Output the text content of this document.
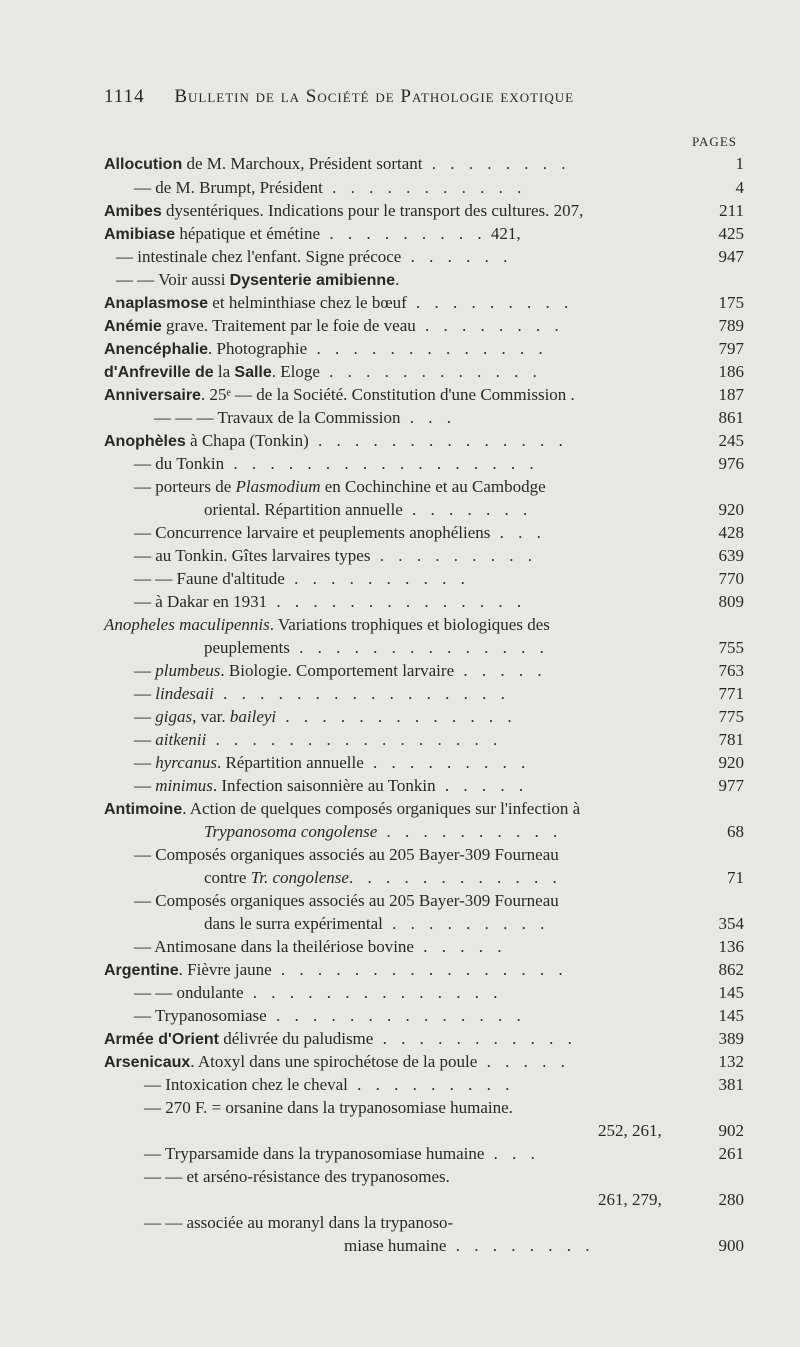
1114 Bulletin de la Société de Pathologie exotique
PAGES
Allocution de M. Marchoux, Président sortant . . . . . . . .	1
— de M. Brumpt, Président . . . . . . . . . . .	4
Amibes dysentériques. Indications pour le transport des cultures. 207,	211
Amibiase hépatique et émétine . . . . . . . . . 421,	425
— intestinale chez l'enfant. Signe précoce . . . . . .	947
— — Voir aussi Dysenterie amibienne.
Anaplasmose et helminthiase chez le bœuf . . . . . . . . .	175
Anémie grave. Traitement par le foie de veau . . . . . . . .	789
Anencéphalie. Photographie . . . . . . . . . . . . .	797
d'Anfreville de la Salle. Eloge . . . . . . . . . . . .	186
Anniversaire. 25ᵉ — de la Société. Constitution d'une Commission .	187
— — — Travaux de la Commission . . .	861
Anophèles à Chapa (Tonkin) . . . . . . . . . . . . . .	245
— du Tonkin . . . . . . . . . . . . . . . . .	976
— porteurs de Plasmodium en Cochinchine et au Cambodge
oriental. Répartition annuelle . . . . . . .	920
— Concurrence larvaire et peuplements anophéliens . . .	428
— au Tonkin. Gîtes larvaires types . . . . . . . . .	639
— — Faune d'altitude . . . . . . . . . .	770
— à Dakar en 1931 . . . . . . . . . . . . . .	809
Anopheles maculipennis. Variations trophiques et biologiques des
peuplements . . . . . . . . . . . . . .	755
— plumbeus. Biologie. Comportement larvaire . . . . .	763
— lindesaii . . . . . . . . . . . . . . . .	771
— gigas, var. baileyi . . . . . . . . . . . . .	775
— aitkenii . . . . . . . . . . . . . . . .	781
— hyrcanus. Répartition annuelle . . . . . . . . .	920
— minimus. Infection saisonnière au Tonkin . . . . .	977
Antimoine. Action de quelques composés organiques sur l'infection à
Trypanosoma congolense . . . . . . . . . .	68
— Composés organiques associés au 205 Bayer-309 Fourneau
contre Tr. congolense. . . . . . . . . . . .	71
— Composés organiques associés au 205 Bayer-309 Fourneau
dans le surra expérimental . . . . . . . . .	354
— Antimosane dans la theilériose bovine . . . . .	136
Argentine. Fièvre jaune . . . . . . . . . . . . . . . .	862
— — ondulante . . . . . . . . . . . . . .	145
— Trypanosomiase . . . . . . . . . . . . . .	145
Armée d'Orient délivrée du paludisme . . . . . . . . . . .	389
Arsenicaux. Atoxyl dans une spirochétose de la poule . . . . .	132
— Intoxication chez le cheval . . . . . . . . .	381
— 270 F. = orsanine dans la trypanosomiase humaine.
252, 261,	902
— Tryparsamide dans la trypanosomiase humaine . . .	261
— — et arséno-résistance des trypanosomes.
261, 279,	280
— — associée au moranyl dans la trypanoso-
miase humaine . . . . . . . .	900
